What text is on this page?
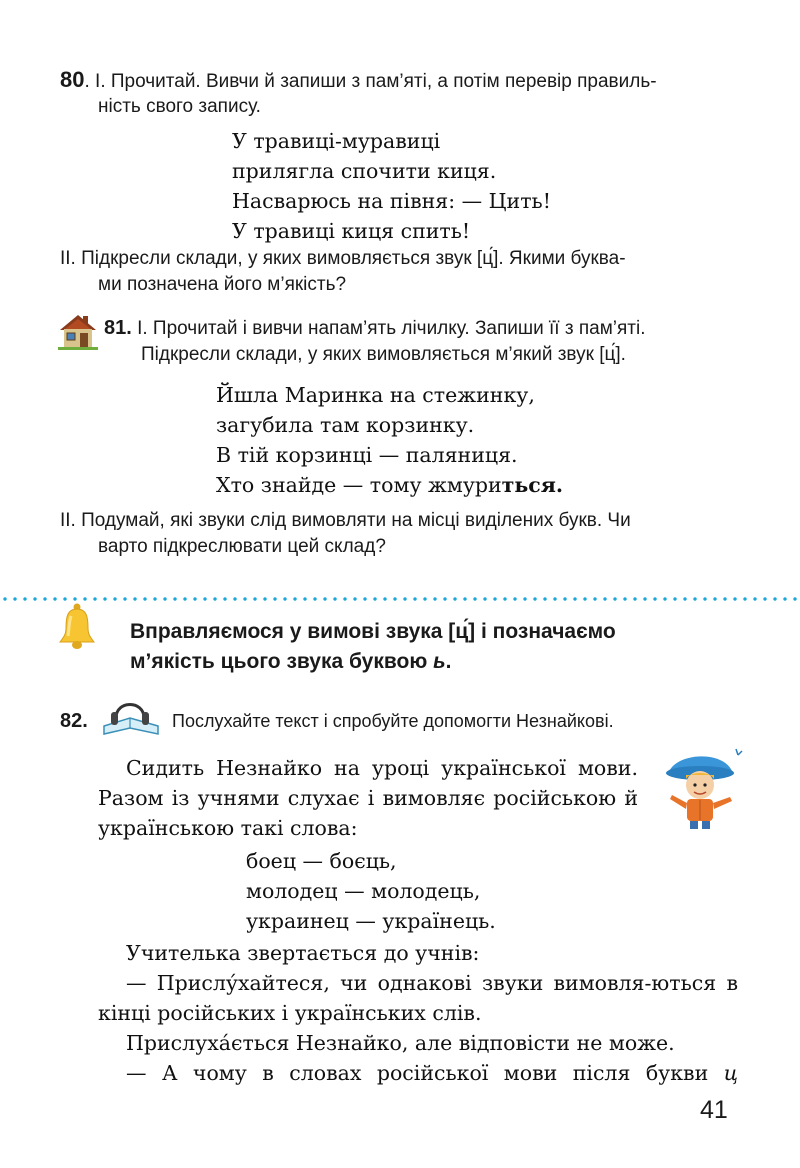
80. І. Прочитай. Вивчи й запиши з пам’яті, а потім перевір правиль-
ність свого запису.
У травиці-муравиці
прилягла спочити киця.
Насварюсь на півня: — Цить!
У травиці киця спить!
ІІ. Підкресли склади, у яких вимовляється звук [ц́]. Якими буква-
ми позначена його м’якість?
81. І. Прочитай і вивчи напам’ять лічилку. Запиши її з пам’яті.
Підкресли склади, у яких вимовляється м’який звук [ц́].
Йшла Маринка на стежинку,
загубила там корзинку.
В тій корзинці — паляниця.
Хто знайде — тому жмуриться.
ІІ. Подумай, які звуки слід вимовляти на місці виділених букв. Чи
варто підкреслювати цей склад?
Вправляємося у вимові звука [ц́] і позначаємо
м’якість цього звука буквою ь.
82.	Послухайте текст і спробуйте допомогти Незнайкові.
Сидить Незнайко на уроці української мови. Разом із учнями слухає і вимовляє російською й українською такі слова:
боец — боєць,
молодец — молодець,
украинец — українець.
Учителька звертається до учнів:
— Прислу́хайтеся, чи однакові звуки вимовля-ються в кінці російських і українських слів.
Прислуха́ється Незнайко, але відповісти не може.
— А чому в словах російської мови після букви ц
41
